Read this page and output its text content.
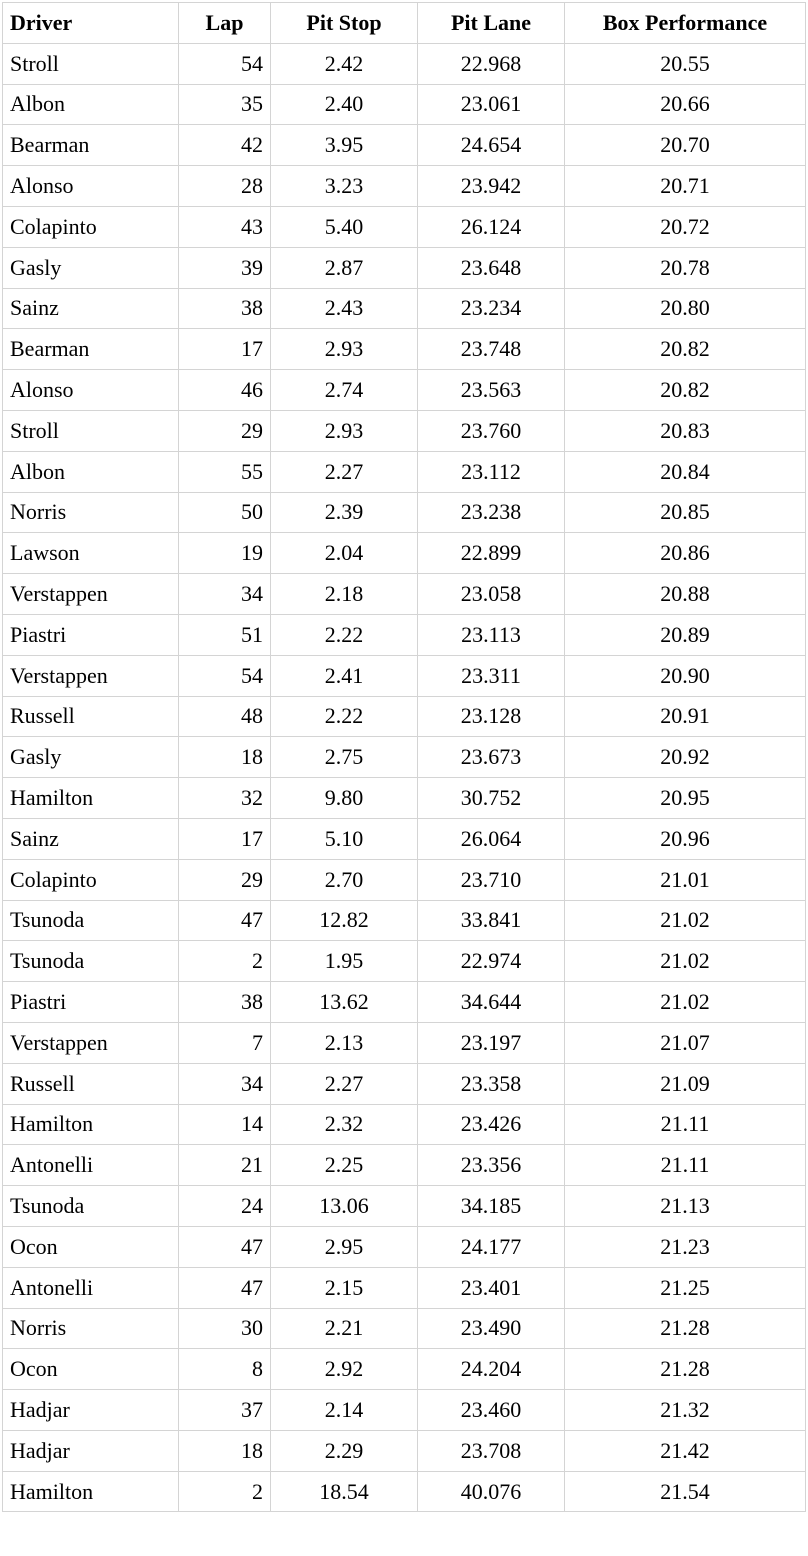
Driver	Lap	Pit Stop	Pit Lane	Box Performance
Stroll	54	2.42	22.968	20.55
Albon	35	2.40	23.061	20.66
Bearman	42	3.95	24.654	20.70
Alonso	28	3.23	23.942	20.71
Colapinto	43	5.40	26.124	20.72
Gasly	39	2.87	23.648	20.78
Sainz	38	2.43	23.234	20.80
Bearman	17	2.93	23.748	20.82
Alonso	46	2.74	23.563	20.82
Stroll	29	2.93	23.760	20.83
Albon	55	2.27	23.112	20.84
Norris	50	2.39	23.238	20.85
Lawson	19	2.04	22.899	20.86
Verstappen	34	2.18	23.058	20.88
Piastri	51	2.22	23.113	20.89
Verstappen	54	2.41	23.311	20.90
Russell	48	2.22	23.128	20.91
Gasly	18	2.75	23.673	20.92
Hamilton	32	9.80	30.752	20.95
Sainz	17	5.10	26.064	20.96
Colapinto	29	2.70	23.710	21.01
Tsunoda	47	12.82	33.841	21.02
Tsunoda	2	1.95	22.974	21.02
Piastri	38	13.62	34.644	21.02
Verstappen	7	2.13	23.197	21.07
Russell	34	2.27	23.358	21.09
Hamilton	14	2.32	23.426	21.11
Antonelli	21	2.25	23.356	21.11
Tsunoda	24	13.06	34.185	21.13
Ocon	47	2.95	24.177	21.23
Antonelli	47	2.15	23.401	21.25
Norris	30	2.21	23.490	21.28
Ocon	8	2.92	24.204	21.28
Hadjar	37	2.14	23.460	21.32
Hadjar	18	2.29	23.708	21.42
Hamilton	2	18.54	40.076	21.54
